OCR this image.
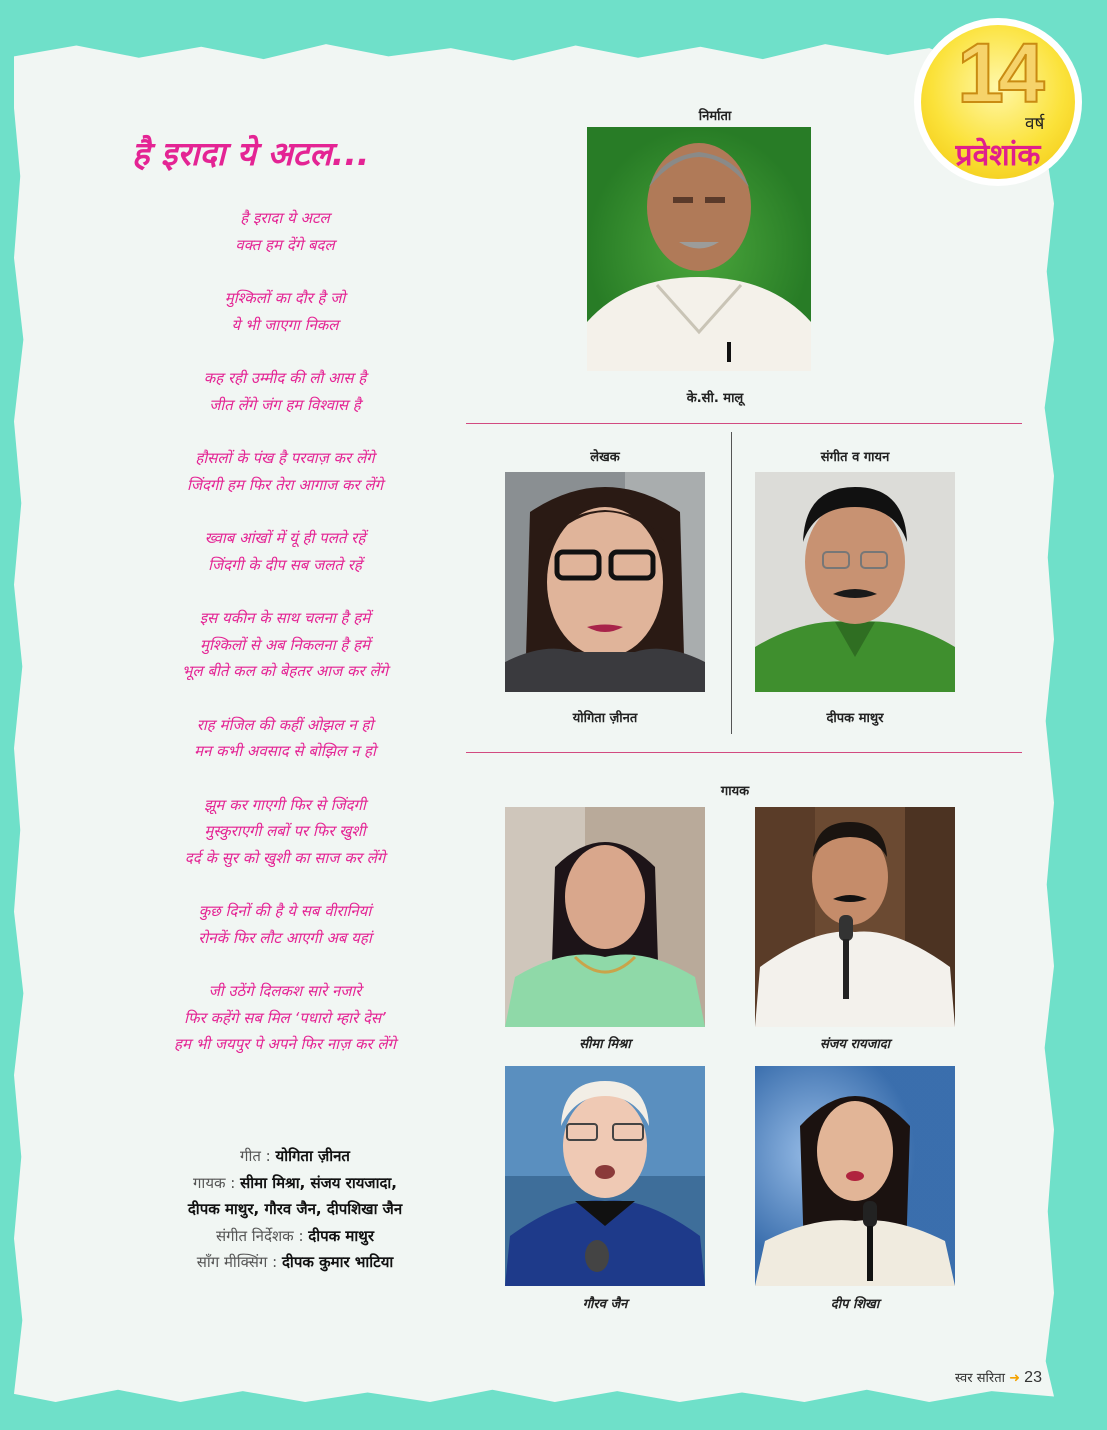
14
वर्ष
प्रवेशांक
है इरादा ये अटल...
है इरादा ये अटल
वक्त हम देंगे बदल
मुश्किलों का दौर है जो
ये भी जाएगा निकल
कह रही उम्मीद की लौ आस है
जीत लेंगे जंग हम विश्वास है
हौसलों के पंख है परवाज़ कर लेंगे
जिंदगी हम फिर तेरा आगाज कर लेंगे
ख्वाब आंखों में यूं ही पलते रहें
जिंदगी के दीप सब जलते रहें
इस यकीन के साथ चलना है हमें
मुश्किलों से अब निकलना है हमें
भूल बीते कल को बेहतर आज कर लेंगे
राह मंजिल की कहीं ओझल न हो
मन कभी अवसाद से बोझिल न हो
झूम कर गाएगी फिर से जिंदगी
मुस्कुराएगी लबों पर फिर खुशी
दर्द के सुर को खुशी का साज कर लेंगे
कुछ दिनों की है ये सब वीरानियां
रोनकें फिर लौट आएगी अब यहां
जी उठेंगे दिलकश सारे नजारे
फिर कहेंगे सब मिल ‘पधारो म्हारे देस’
हम भी जयपुर पे अपने फिर नाज़ कर लेंगे
गीत : योगिता ज़ीनत
गायक : सीमा मिश्रा, संजय रायजादा,
दीपक माथुर, गौरव जैन, दीपशिखा जैन
संगीत निर्देशक : दीपक माथुर
साँग मीक्सिंग : दीपक कुमार भाटिया
निर्माता
के.सी. मालू
लेखक
योगिता ज़ीनत
संगीत व गायन
दीपक माथुर
गायक
सीमा मिश्रा	संजय रायजादा
गौरव जैन	दीप शिखा
स्वर सरिता ➜ 23
